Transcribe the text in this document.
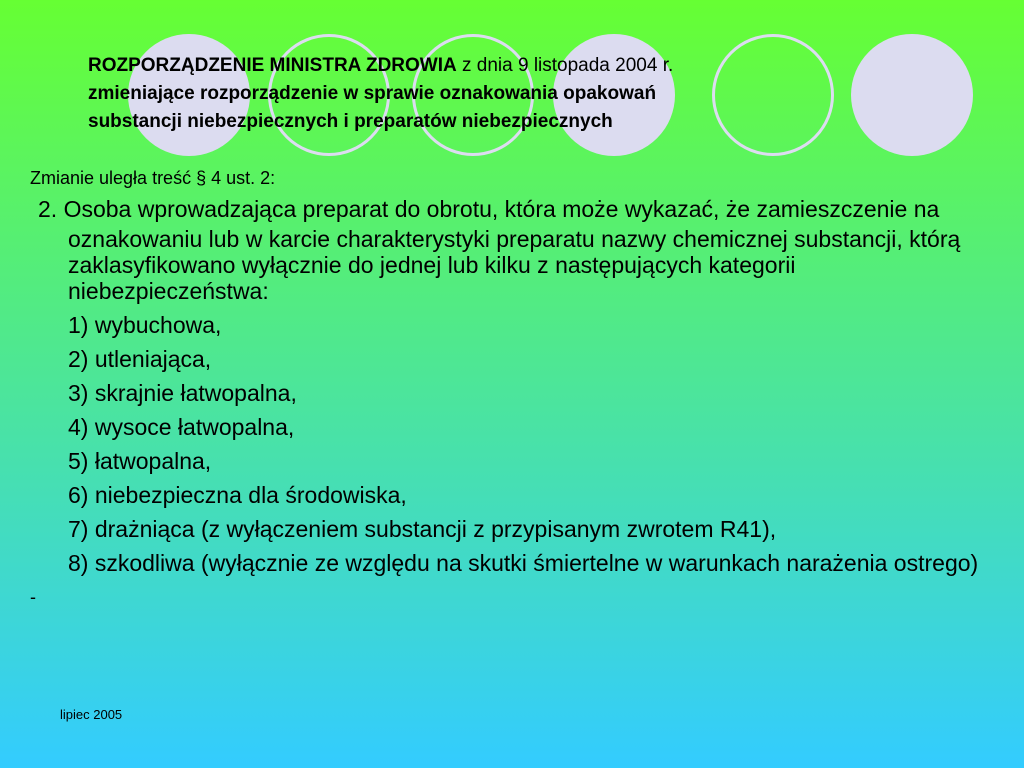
ROZPORZĄDZENIE MINISTRA ZDROWIA z dnia 9 listopada 2004 r.
zmieniające rozporządzenie w sprawie oznakowania opakowań
substancji niebezpiecznych i preparatów niebezpiecznych
Zmianie uległa treść § 4 ust. 2:
2. Osoba wprowadzająca preparat do obrotu, która może wykazać, że zamieszczenie na oznakowaniu lub w karcie charakterystyki preparatu nazwy chemicznej substancji, którą zaklasyfikowano wyłącznie do jednej lub kilku z następujących kategorii niebezpieczeństwa:
1) wybuchowa,
2) utleniająca,
3) skrajnie łatwopalna,
4) wysoce łatwopalna,
5) łatwopalna,
6) niebezpieczna dla środowiska,
7) drażniąca (z wyłączeniem substancji z przypisanym zwrotem R41),
8) szkodliwa (wyłącznie ze względu na skutki śmiertelne w warunkach narażenia ostrego)
-
lipiec 2005
